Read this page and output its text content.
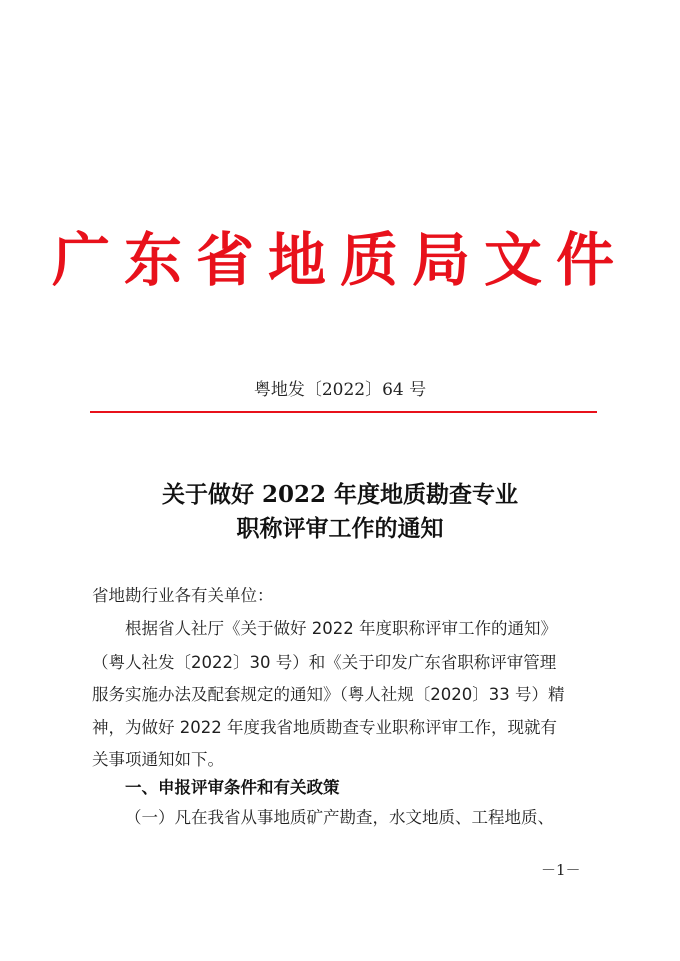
广东省地质局文件
粤地发〔2022〕64 号
关于做好 2022 年度地质勘查专业
职称评审工作的通知
省地勘行业各有关单位：
根据省人社厅《关于做好 2022 年度职称评审工作的通知》
（粤人社发〔2022〕30 号）和《关于印发广东省职称评审管理
服务实施办法及配套规定的通知》（粤人社规〔2020〕33 号）精
神，为做好 2022 年度我省地质勘查专业职称评审工作，现就有
关事项通知如下。
一、申报评审条件和有关政策
（一）凡在我省从事地质矿产勘查，水文地质、工程地质、
－1－
